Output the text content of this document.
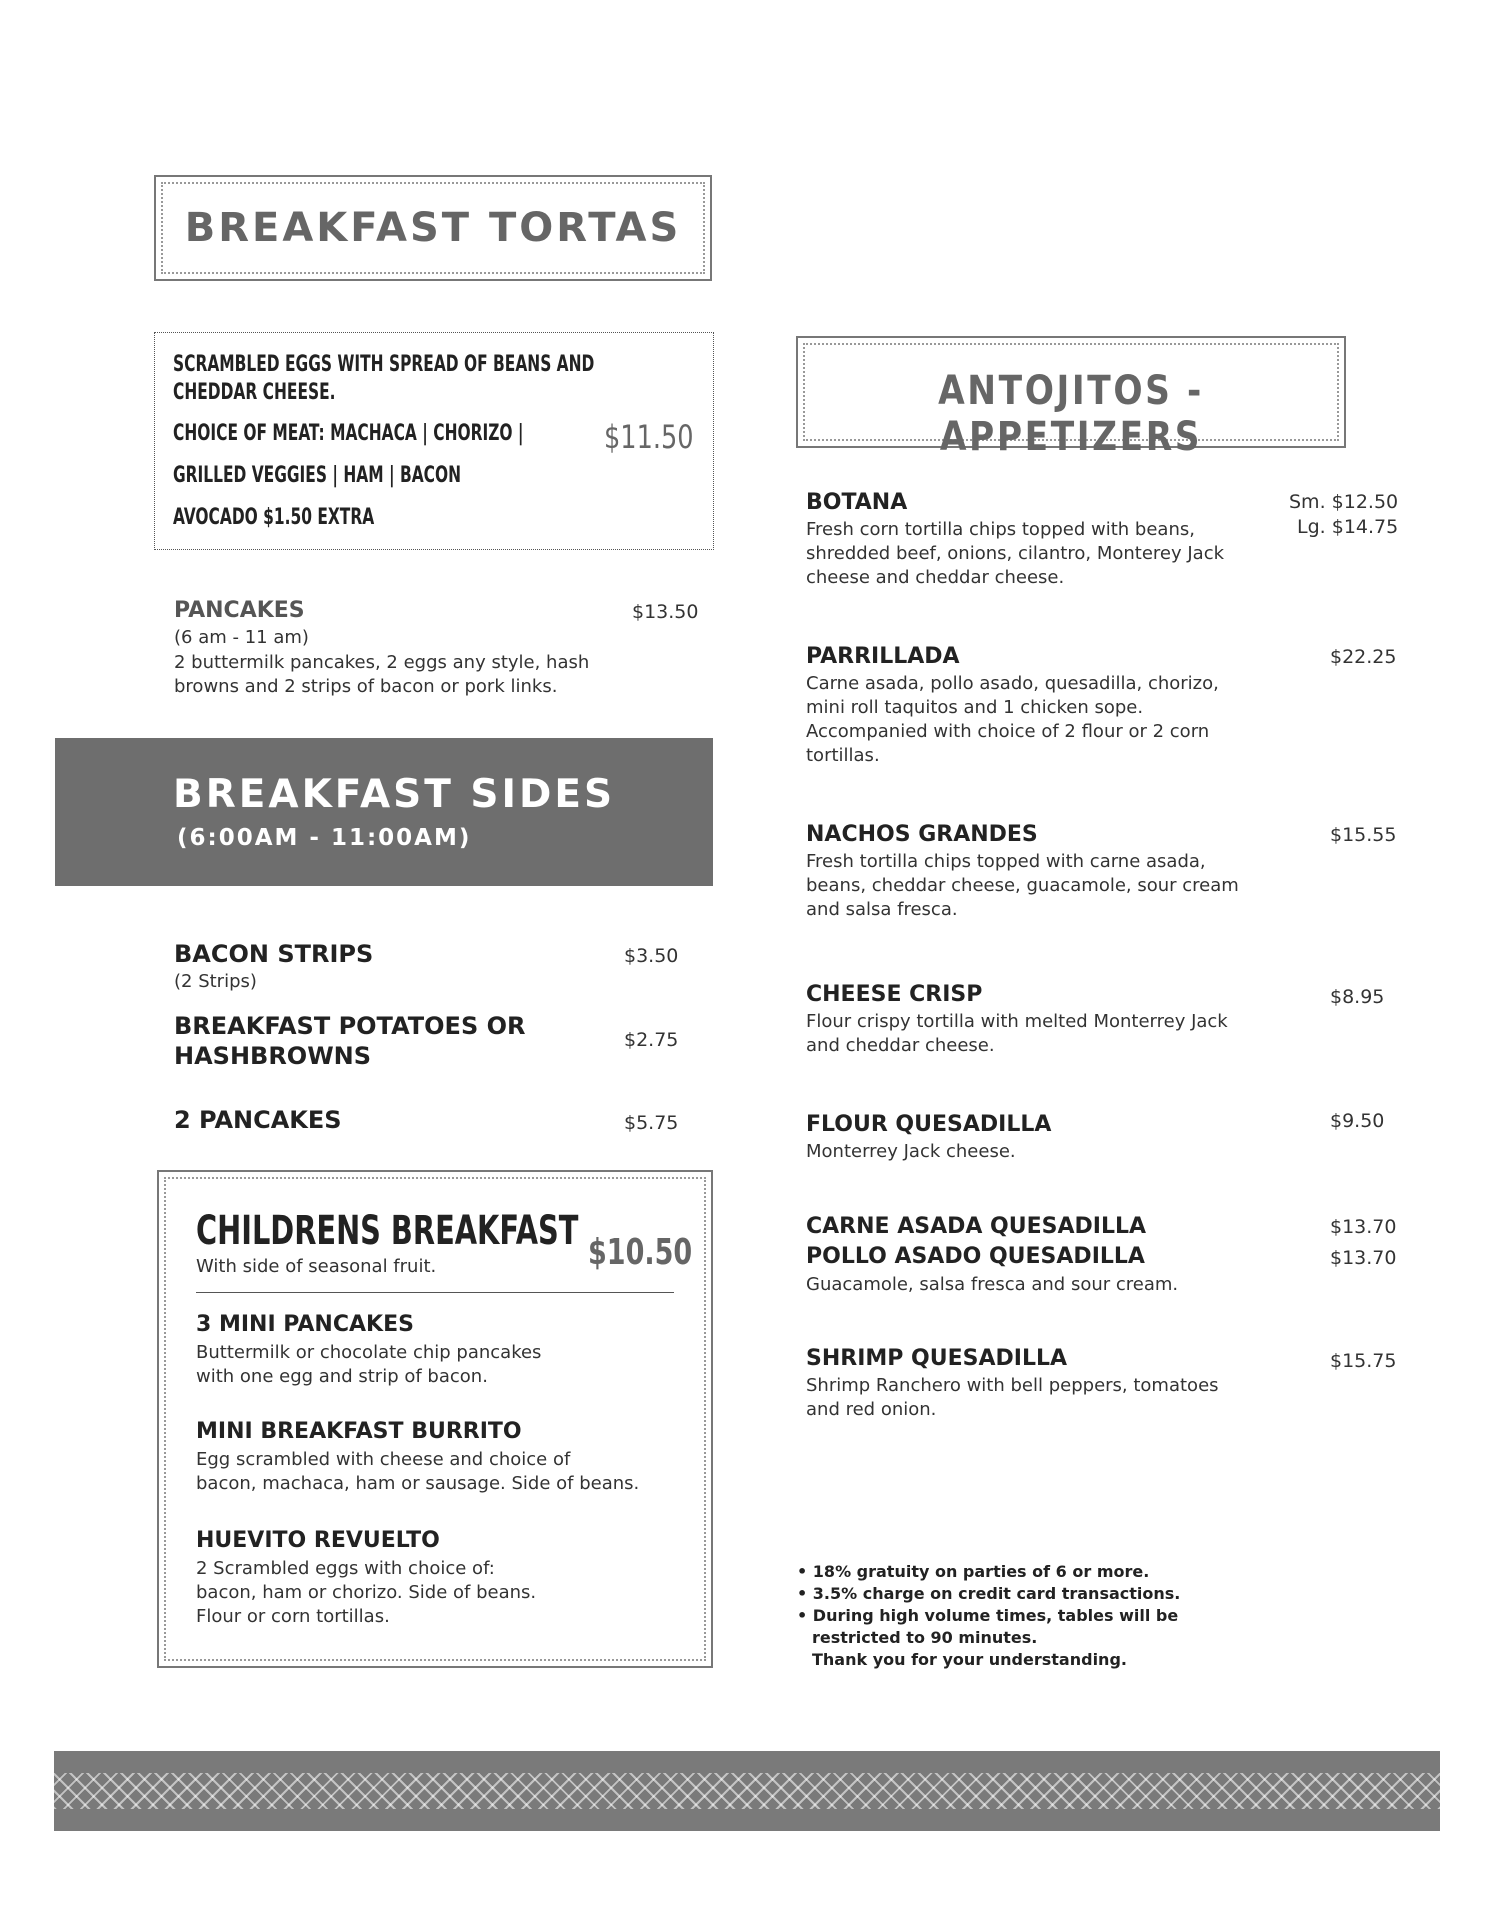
BREAKFAST TORTAS
SCRAMBLED EGGS WITH SPREAD OF BEANS AND
CHEDDAR CHEESE.
CHOICE OF MEAT: MACHACA | CHORIZO |
GRILLED VEGGIES | HAM | BACON
AVOCADO $1.50 EXTRA
$11.50
PANCAKES
(6 am - 11 am)
2 buttermilk pancakes, 2 eggs any style, hash
browns and 2 strips of bacon or pork links.
$13.50
BREAKFAST SIDES
(6:00AM - 11:00AM)
BACON STRIPS
(2 Strips)
$3.50
BREAKFAST POTATOES OR
HASHBROWNS
$2.75
2 PANCAKES	$5.75
CHILDRENS BREAKFAST
With side of seasonal fruit.	$10.50
3 MINI PANCAKES
Buttermilk or chocolate chip pancakes
with one egg and strip of bacon.
MINI BREAKFAST BURRITO
Egg scrambled with cheese and choice of
bacon, machaca, ham or sausage. Side of beans.
HUEVITO REVUELTO
2 Scrambled eggs with choice of:
bacon, ham or chorizo. Side of beans.
Flour or corn tortillas.
ANTOJITOS - APPETIZERS
BOTANA
Fresh corn tortilla chips topped with beans,
shredded beef, onions, cilantro, Monterey Jack
cheese and cheddar cheese.
Sm. $12.50
Lg. $14.75
PARRILLADA
Carne asada, pollo asado, quesadilla, chorizo,
mini roll taquitos and 1 chicken sope.
Accompanied with choice of 2 flour or 2 corn
tortillas.
$22.25
NACHOS GRANDES
Fresh tortilla chips topped with carne asada,
beans, cheddar cheese, guacamole, sour cream
and salsa fresca.
$15.55
CHEESE CRISP
Flour crispy tortilla with melted Monterrey Jack
and cheddar cheese.
$8.95
FLOUR QUESADILLA
Monterrey Jack cheese.
$9.50
CARNE ASADA QUESADILLA	$13.70
POLLO ASADO QUESADILLA	$13.70
Guacamole, salsa fresca and sour cream.
SHRIMP QUESADILLA
Shrimp Ranchero with bell peppers, tomatoes
and red onion.
$15.75
• 18% gratuity on parties of 6 or more.
• 3.5% charge on credit card transactions.
• During high volume times, tables will be
restricted to 90 minutes.
Thank you for your understanding.
